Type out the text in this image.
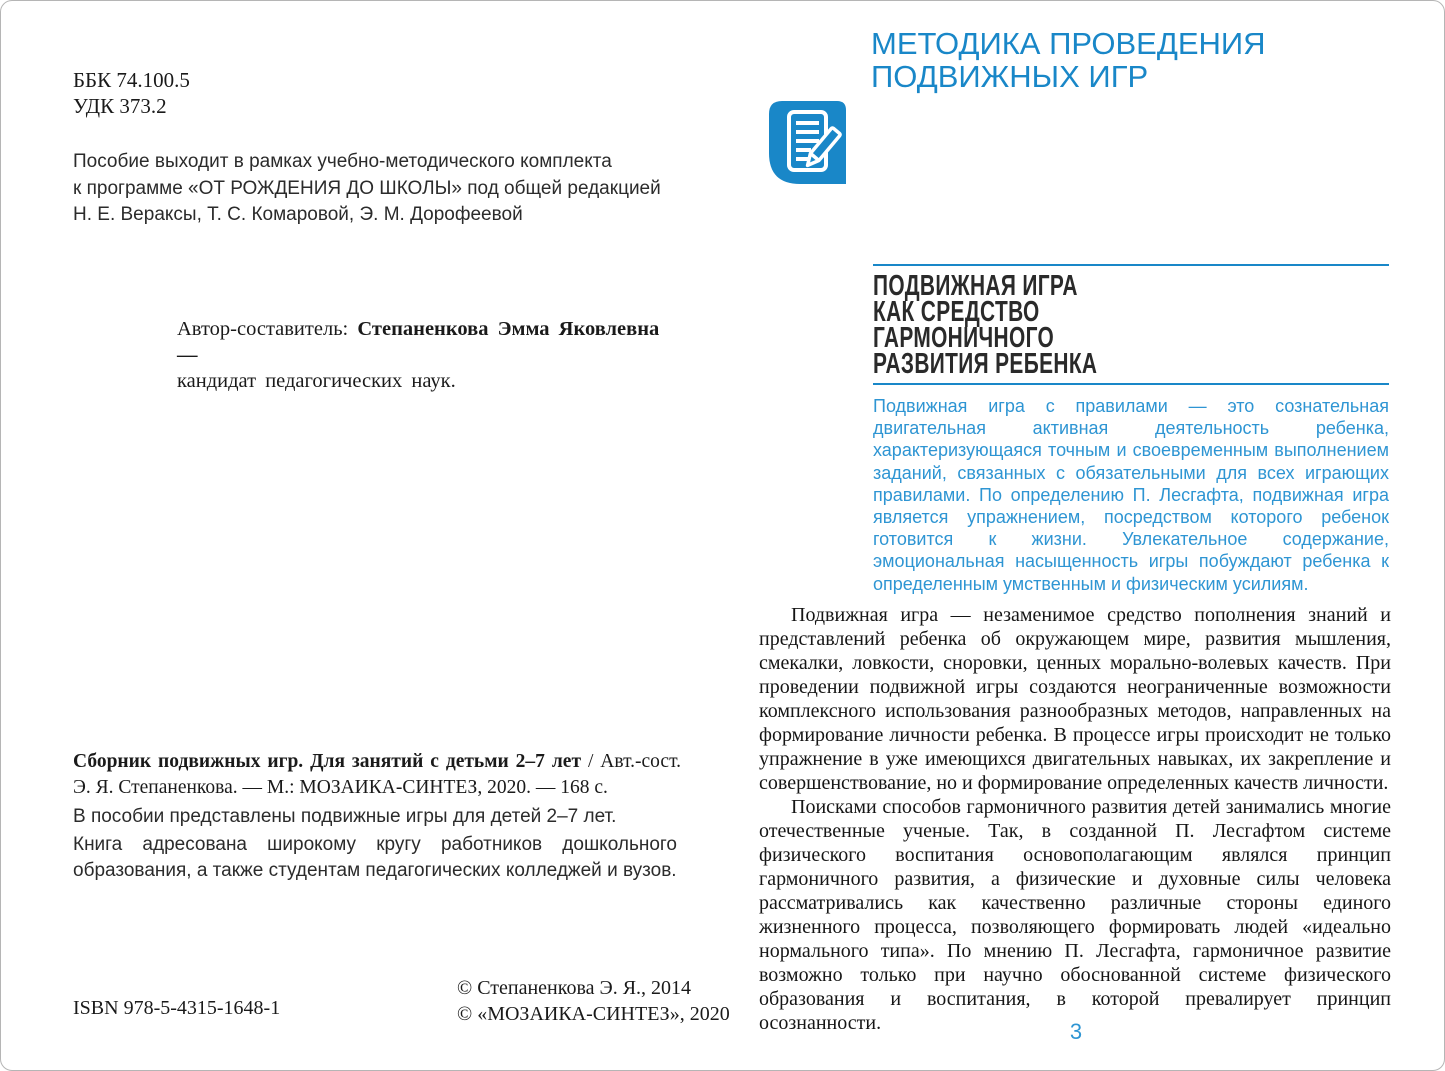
ББК 74.100.5
УДК 373.2
Пособие выходит в рамках учебно-методического комплекта
к программе «ОТ РОЖДЕНИЯ ДО ШКОЛЫ» под общей редакцией
Н. Е. Вераксы, Т. С. Комаровой, Э. М. Дорофеевой
Автор-составитель: Степаненкова Эмма Яковлевна —
кандидат педагогических наук.

Сборник подвижных игр. Для занятий с детьми 2–7 лет / Авт.-сост. Э. Я. Степаненкова. — М.: МОЗАИКА-СИНТЕЗ, 2020. — 168 с.

В пособии представлены подвижные игры для детей 2–7 лет.

Книга адресована широкому кругу работников дошкольного образования, а также студентам педагогических колледжей и вузов.

ISBN 978-5-4315-1648-1
© Степаненкова Э. Я., 2014
© «МОЗАИКА-СИНТЕЗ», 2020
МЕТОДИКА ПРОВЕДЕНИЯ
ПОДВИЖНЫХ ИГР
ПОДВИЖНАЯ ИГРА
КАК СРЕДСТВО
ГАРМОНИЧНОГО
РАЗВИТИЯ РЕБЕНКА

Подвижная игра с правилами — это сознательная двигательная активная деятельность ребенка, характеризующаяся точным и своевременным выполнением заданий, связанных с обязательными для всех играющих правилами. По определению П. Лесгафта, подвижная игра является упражнением, посредством которого ребенок готовится к жизни. Увлекательное содержание, эмоциональная насыщенность игры побуждают ребенка к определенным умственным и физическим усилиям.

Подвижная игра — незаменимое средство пополнения знаний и представлений ребенка об окружающем мире, развития мышления, смекалки, ловкости, сноровки, ценных морально-волевых качеств. При проведении подвижной игры создаются неограниченные возможности комплексного использования разнообразных методов, направленных на формирование личности ребенка. В процессе игры происходит не только упражнение в уже имеющихся двигательных навыках, их закрепление и совершенствование, но и формирование определенных качеств личности.

Поисками способов гармоничного развития детей занимались многие отечественные ученые. Так, в созданной П. Лесгафтом системе физического воспитания основополагающим являлся принцип гармоничного развития, а физические и духовные силы человека рассматривались как качественно различные стороны единого жизненного процесса, позволяющего формировать людей «идеально нормального типа». По мнению П. Лесгафта, гармоничное развитие возможно только при научно обоснованной системе физического образования и воспитания, в которой превалирует принцип осознанности.	3
